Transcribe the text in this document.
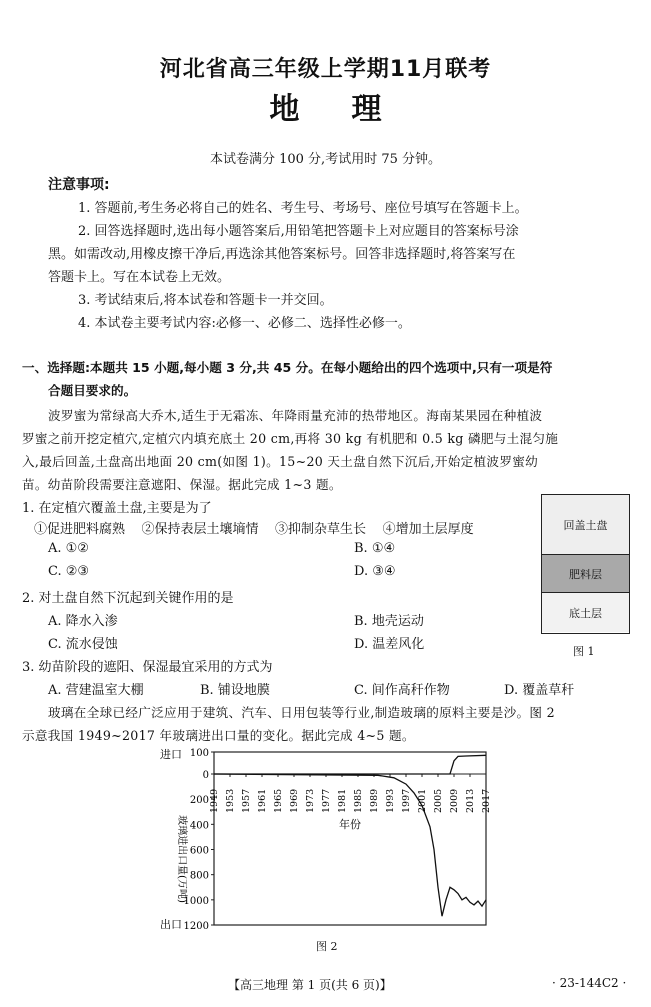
河北省高三年级上学期11月联考
地理
本试卷满分 100 分,考试用时 75 分钟。
注意事项:
1. 答题前,考生务必将自己的姓名、考生号、考场号、座位号填写在答题卡上。
2. 回答选择题时,选出每小题答案后,用铅笔把答题卡上对应题目的答案标号涂
黑。如需改动,用橡皮擦干净后,再选涂其他答案标号。回答非选择题时,将答案写在
答题卡上。写在本试卷上无效。
3. 考试结束后,将本试卷和答题卡一并交回。
4. 本试卷主要考试内容:必修一、必修二、选择性必修一。
一、选择题:本题共 15 小题,每小题 3 分,共 45 分。在每小题给出的四个选项中,只有一项是符
合题目要求的。
波罗蜜为常绿高大乔木,适生于无霜冻、年降雨量充沛的热带地区。海南某果园在种植波
罗蜜之前开挖定植穴,定植穴内填充底土 20 cm,再将 30 kg 有机肥和 0.5 kg 磷肥与土混匀施
入,最后回盖,土盘高出地面 20 cm(如图 1)。15~20 天土盘自然下沉后,开始定植波罗蜜幼
苗。幼苗阶段需要注意遮阳、保湿。据此完成 1~3 题。
1. 在定植穴覆盖土盘,主要是为了
①促进肥料腐熟    ②保持表层土壤墒情    ③抑制杂草生长    ④增加土层厚度
A. ①②	B. ①④
C. ②③	D. ③④
2. 对土盘自然下沉起到关键作用的是
A. 降水入渗	B. 地壳运动
C. 流水侵蚀	D. 温差风化
3. 幼苗阶段的遮阳、保湿最宜采用的方式为
A. 营建温室大棚	B. 铺设地膜	C. 间作高秆作物	D. 覆盖草秆
回盖土盘
肥料层
底土层
图 1
玻璃在全球已经广泛应用于建筑、汽车、日用包装等行业,制造玻璃的原料主要是沙。图 2
示意我国 1949~2017 年玻璃进出口量的变化。据此完成 4~5 题。
100
0
200
400
600
800
1000
1200
1949 1953 1957 1961 1965 1969 1973 1977 1981 1985 1989 1993 1997 2001 2005 2009 2013 2017
进口
出口
年份
玻璃进出口量(万吨)
图 2
【高三地理 第 1 页(共 6 页)】	· 23-144C2 ·
